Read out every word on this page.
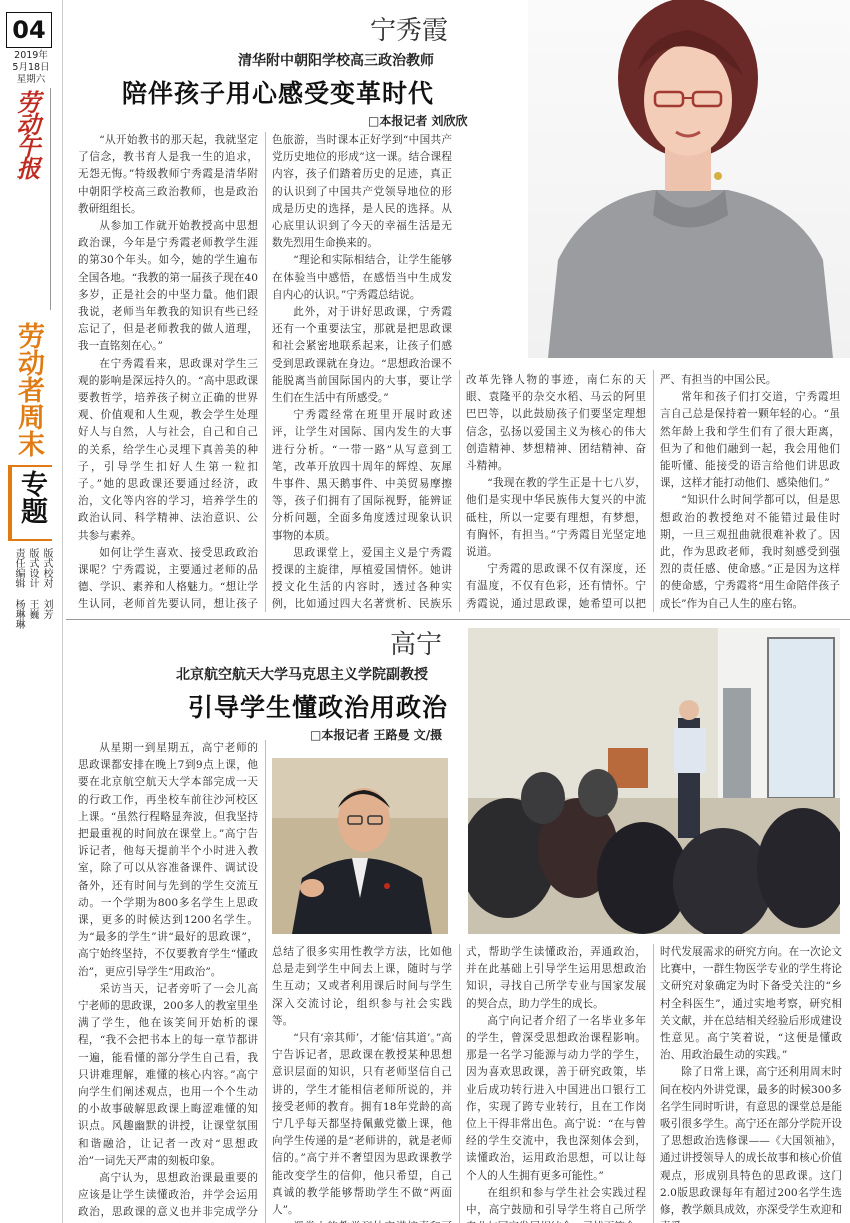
04
2019年
5月18日
星期六
劳动午报
劳动者周末
专题
版式校对 刘芳
版式设计 王巍
责任编辑 杨琳琳
宁秀霞
清华附中朝阳学校高三政治教师
陪伴孩子用心感受变革时代
□本报记者 刘欣欣

“从开始教书的那天起，我就坚定了信念，教书育人是我一生的追求，无怨无悔。”特级教师宁秀霞是清华附中朝阳学校高三政治教师，也是政治教研组组长。

从参加工作就开始教授高中思想政治课，今年是宁秀霞老师教学生涯的第30个年头。如今，她的学生遍布全国各地。“我教的第一届孩子现在40多岁，正是社会的中坚力量。他们跟我说，老师当年教我的知识有些已经忘记了，但是老师教我的做人道理，我一直铭刻在心。”

在宁秀霞看来，思政课对学生三观的影响是深远持久的。“高中思政课要教哲学，培养孩子树立正确的世界观、价值观和人生观，教会学生处理好人与自然，人与社会，自己和自己的关系，给学生心灵埋下真善美的种子，引导学生扣好人生第一粒扣子。”她的思政课还要通过经济，政治，文化等内容的学习，培养学生的政治认同、科学精神、法治意识、公共参与素养。

如何让学生喜欢、接受思政政治课呢？宁秀霞说，主要通过老师的品德、学识、素养和人格魅力。“想让学生认同，老师首先要认同，想让孩子

色旅游，当时课本正好学到“中国共产党历史地位的形成”这一课。结合课程内容，孩子们踏着历史的足迹，真正的认识到了中国共产党领导地位的形成是历史的选择，是人民的选择。从心底里认识到了今天的幸福生活是无数先烈用生命换来的。

“理论和实际相结合，让学生能够在体验当中感悟，在感悟当中生成发自内心的认识。”宁秀霞总结说。

此外，对于讲好思政课，宁秀霞还有一个重要法宝，那就是把思政课和社会紧密地联系起来，让孩子们感受到思政课就在身边。“思想政治课不能脱离当前国际国内的大事，要让学生们在生活中有所感受。”

宁秀霞经常在班里开展时政述评，让学生对国际、国内发生的大事进行分析。“一带一路”从写意到工笔，改革开放四十周年的辉煌、灰犀牛事件、黑天鹅事件、中美贸易摩擦等，孩子们拥有了国际视野，能辨证分析问题，全面多角度透过现象认识事物的本质。

思政课堂上，爱国主义是宁秀霞授课的主旋律，厚植爱国情怀。她讲授文化生活的内容时，透过各种实例，比如通过四大名著赏析、民族乐

改革先锋人物的事迹，南仁东的天眼、袁隆平的杂交水稻、马云的阿里巴巴等，以此鼓励孩子们要坚定理想信念，弘扬以爱国主义为核心的伟大创造精神、梦想精神、团结精神、奋斗精神。

“我现在教的学生正是十七八岁，他们是实现中华民族伟大复兴的中流砥柱，所以一定要有理想，有梦想，有胸怀，有担当。”宁秀霞目光坚定地说道。

宁秀霞的思政课不仅有深度，还有温度，不仅有色彩，还有情怀。宁秀霞说，通过思政课，她希望可以把

严、有担当的中国公民。

常年和孩子们打交道，宁秀霞坦言自己总是保持着一颗年轻的心。“虽然年龄上我和学生们有了很大距离，但为了和他们融到一起，我会用他们能听懂、能接受的语言给他们讲思政课，这样才能打动他们、感染他们。”

“知识什么时间学都可以，但是思想政治的教授绝对不能错过最佳时期，一旦三观扭曲就很难补救了。因此，作为思政老师，我时刻感受到强烈的责任感、使命感。”正是因为这样的使命感，宁秀霞将“用生命陪伴孩子成长”作为自己人生的座右铭。

高宁
北京航空航天大学马克思主义学院副教授
引导学生懂政治用政治
□本报记者 王路曼 文/摄

从星期一到星期五，高宁老师的思政课都安排在晚上7到9点上课，他要在北京航空航天大学本部完成一天的行政工作，再坐校车前往沙河校区上课。“虽然行程略显奔波，但我坚持把最重视的时间放在课堂上。”高宁告诉记者，他每天提前半个小时进入教室，除了可以从容准备课件、调试设备外，还有时间与先到的学生交流互动。一个学期为800多名学生上思政课，更多的时候达到1200名学生。为“最多的学生”讲“最好的思政课”，高宁始终坚持，不仅要教育学生“懂政治”，更应引导学生“用政治”。

采访当天，记者旁听了一会儿高宁老师的思政课，200多人的教室里坐满了学生，他在该笑间开始析的课程，“我不会把书本上的每一章节都讲一遍，能看懂的部分学生自己看，我只讲难理解，难懂的核心内容。”高宁向学生们阐述观点，也用一个个生动的小故事破解思政课上晦涩难懂的知识点。风趣幽默的讲授，让课堂氛围和谐融洽，让记者一改对“思想政治”一词先天严肃的刻板印象。

高宁认为，思想政治课最重要的应该是让学生读懂政治，并学会运用政治，思政课的意义也并非完成学分

总结了很多实用性教学方法，比如他总是走到学生中间去上课，随时与学生互动；又或者利用课后时间与学生深入交流讨论，组织参与社会实践等。

“只有‘亲其师’，才能‘信其道’。”高宁告诉记者，思政课在教授某种思想意识层面的知识，只有老师坚信自己讲的，学生才能相信老师所说的，并接受老师的教育。拥有18年党龄的高宁几乎每天都坚持佩戴党徽上课，他向学生传递的是“老师讲的，就是老师信的。”高宁并不奢望因为思政课教学能改变学生的信仰，他只希望，自己真诚的教学能够帮助学生不做“两面人”。

式，帮助学生读懂政治，弄通政治，并在此基础上引导学生运用思想政治知识，寻找自己所学专业与国家发展的契合点，助力学生的成长。

高宁向记者介绍了一名毕业多年的学生，曾深受思想政治课程影响。那是一名学习能源与动力学的学生，因为喜欢思政课，善于研究政策，毕业后成功转行进入中国进出口银行工作，实现了跨专业转行，且在工作岗位上干得非常出色。高宁说：“在与曾经的学生交流中，我也深刻体会到，读懂政治，运用政治思想，可以让每个人的人生拥有更多可能性。”

在组织和参与学生社会实践过程中，高宁鼓励和引导学生将自己所学

时代发展需求的研究方向。在一次论文比赛中，一群生物医学专业的学生将论文研究对象确定为时下备受关注的“乡村全科医生”，通过实地考察，研究相关文献，并在总结相关经验后形成建设性意见。高宁笑着说，“这便是懂政治、用政治最生动的实践。”

除了日常上课，高宁还利用周末时间在校内外讲党课，最多的时候300多名学生同时听讲，有意思的课堂总是能吸引很多学生。高宁还在部分学院开设了思想政治选修课——《大国领袖》，通过讲授领导人的成长故事和核心价值观点，形成别具特色的思政课。这门2.0版思政课每年有超过200名学生选修，教学颇具成效，亦深受学生欢迎和
